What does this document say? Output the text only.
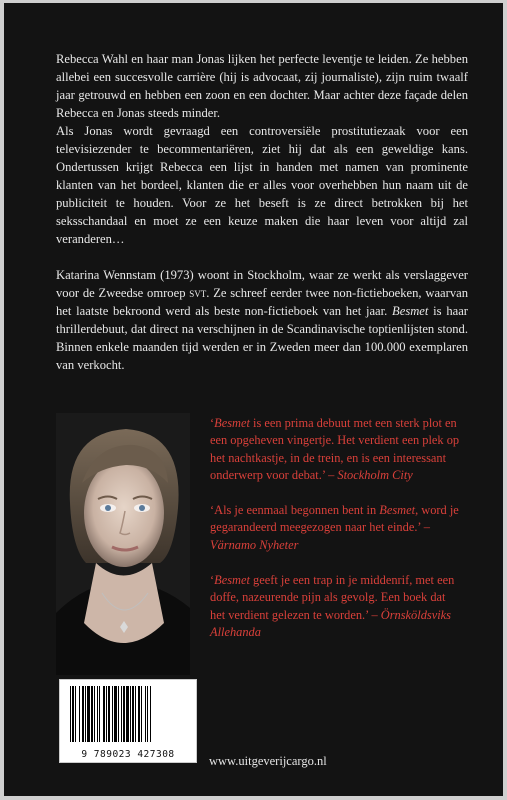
Rebecca Wahl en haar man Jonas lijken het perfecte leventje te leiden. Ze hebben allebei een succesvolle carrière (hij is advocaat, zij journaliste), zijn ruim twaalf jaar getrouwd en hebben een zoon en een dochter. Maar achter deze façade delen Rebecca en Jonas steeds minder.

Als Jonas wordt gevraagd een controversiële prostitutiezaak voor een televisiezender te becommentariëren, ziet hij dat als een geweldige kans. Ondertussen krijgt Rebecca een lijst in handen met namen van prominente klanten van het bordeel, klanten die er alles voor overhebben hun naam uit de publiciteit te houden. Voor ze het beseft is ze direct betrokken bij het seksschandaal en moet ze een keuze maken die haar leven voor altijd zal veranderen…

Katarina Wennstam (1973) woont in Stockholm, waar ze werkt als verslaggever voor de Zweedse omroep svt. Ze schreef eerder twee non-fictieboeken, waarvan het laatste bekroond werd als beste non-fictieboek van het jaar. Besmet is haar thrillerdebuut, dat direct na verschijnen in de Scandinavische toptienlijsten stond. Binnen enkele maanden tijd werden er in Zweden meer dan 100.000 exemplaren van verkocht.

‘Besmet is een prima debuut met een sterk plot en een opgeheven vingertje. Het verdient een plek op het nachtkastje, in de trein, en is een interessant onderwerp voor debat.’ – Stockholm City

‘Als je eenmaal begonnen bent in Besmet, word je gegarandeerd meegezogen naar het einde.’ – Värnamo Nyheter

‘Besmet geeft je een trap in je middenrif, met een doffe, nazeurende pijn als gevolg. Een boek dat het verdient gelezen te worden.’ – Örnsköldsviks Allehanda

9 789023 427308	www.uitgeverijcargo.nl
